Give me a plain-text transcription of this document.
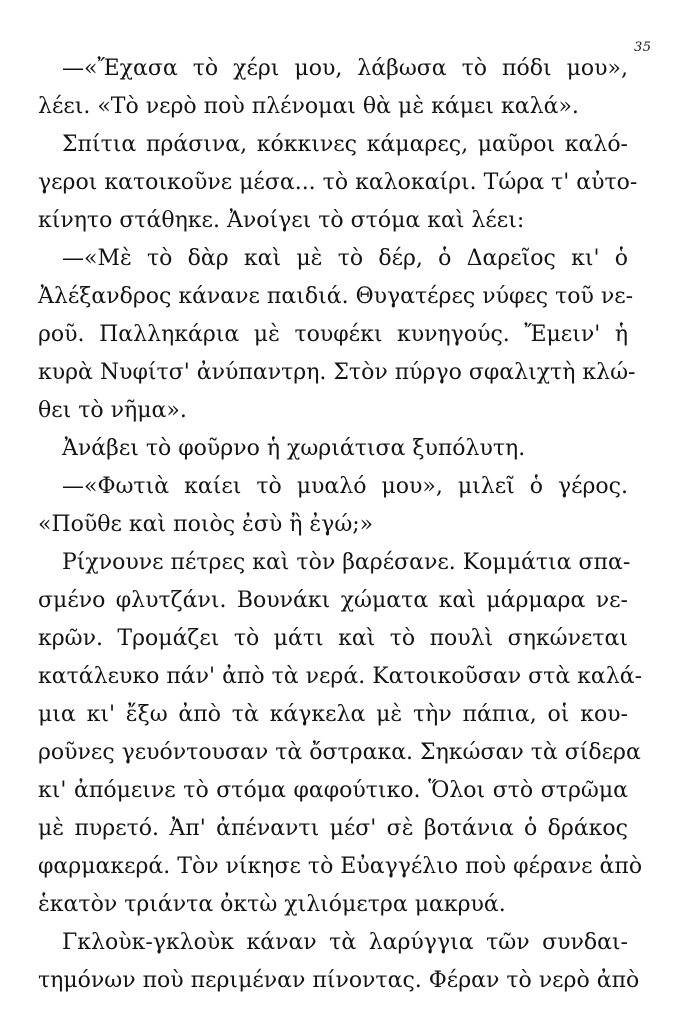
35
—«Ἔχασα τὸ χέρι μου, λάβωσα τὸ πόδι μου»,
λέει. «Τὸ νερὸ ποὺ πλένομαι θὰ μὲ κάμει καλά».
Σπίτια πράσινα, κόκκινες κάμαρες, μαῦροι καλό-
γεροι κατοικοῦνε μέσα... τὸ καλοκαίρι. Τώρα τ' αὐτο-
κίνητο στάθηκε. Ἀνοίγει τὸ στόμα καὶ λέει:
—«Μὲ τὸ δὰρ καὶ μὲ τὸ δέρ, ὁ Δαρεῖος κι' ὁ
Ἀλέξανδρος κάνανε παιδιά. Θυγατέρες νύφες τοῦ νε-
ροῦ. Παλληκάρια μὲ τουφέκι κυνηγούς. Ἔμειν' ἡ
κυρὰ Νυφίτσ' ἀνύπαντρη. Στὸν πύργο σφαλιχτὴ κλώ-
θει τὸ νῆμα».
Ἀνάβει τὸ φοῦρνο ἡ χωριάτισα ξυπόλυτη.
—«Φωτιὰ καίει τὸ μυαλό μου», μιλεῖ ὁ γέρος.
«Ποῦθε καὶ ποιὸς ἐσὺ ἢ ἐγώ;»
Ρίχνουνε πέτρες καὶ τὸν βαρέσανε. Κομμάτια σπα-
σμένο φλυτζάνι. Βουνάκι χώματα καὶ μάρμαρα νε-
κρῶν. Τρομάζει τὸ μάτι καὶ τὸ πουλὶ σηκώνεται
κατάλευκο πάν' ἀπὸ τὰ νερά. Κατοικοῦσαν στὰ καλά-
μια κι' ἔξω ἀπὸ τὰ κάγκελα μὲ τὴν πάπια, οἱ κου-
ροῦνες γευόντουσαν τὰ ὄστρακα. Σηκώσαν τὰ σίδερα
κι' ἀπόμεινε τὸ στόμα φαφούτικο. Ὅλοι στὸ στρῶμα
μὲ πυρετό. Ἀπ' ἀπέναντι μέσ' σὲ βοτάνια ὁ δράκος
φαρμακερά. Τὸν νίκησε τὸ Εὐαγγέλιο ποὺ φέρανε ἀπὸ
ἑκατὸν τριάντα ὀκτὼ χιλιόμετρα μακρυά.
Γκλοὺκ-γκλοὺκ κάναν τὰ λαρύγγια τῶν συνδαι-
τημόνων ποὺ περιμέναν πίνοντας. Φέραν τὸ νερὸ ἀπὸ
